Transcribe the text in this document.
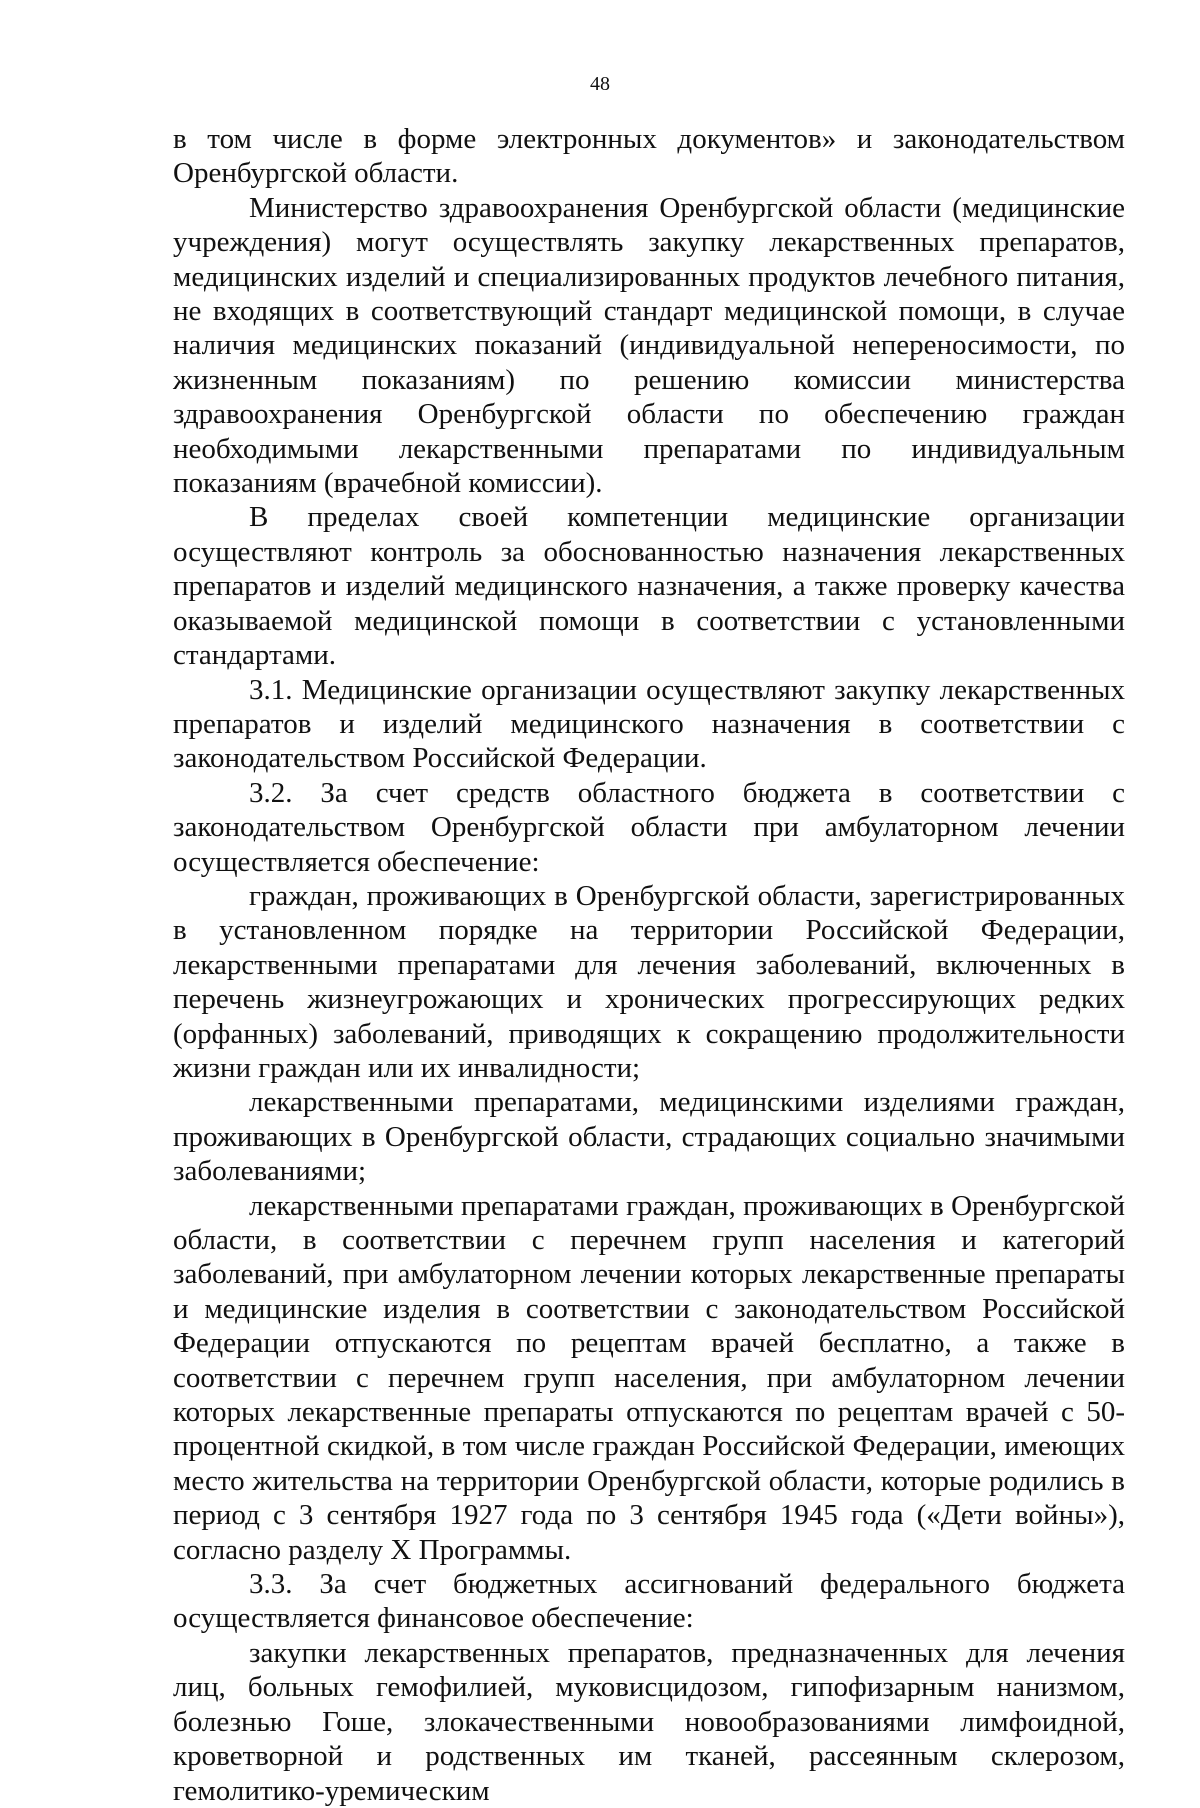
48

в том числе в форме электронных документов» и законодательством Оренбургской области.

Министерство здравоохранения Оренбургской области (медицинские учреждения) могут осуществлять закупку лекарственных препаратов, медицинских изделий и специализированных продуктов лечебного питания, не входящих в соответствующий стандарт медицинской помощи, в случае наличия медицинских показаний (индивидуальной непереносимости, по жизненным показаниям) по решению комиссии министерства здравоохранения Оренбургской области по обеспечению граждан необходимыми лекарственными препаратами по индивидуальным показаниям (врачебной комиссии).

В пределах своей компетенции медицинские организации осуществляют контроль за обоснованностью назначения лекарственных препаратов и изделий медицинского назначения, а также проверку качества оказываемой медицинской помощи в соответствии с установленными стандартами.

3.1. Медицинские организации осуществляют закупку лекарственных препаратов и изделий медицинского назначения в соответствии с законодательством Российской Федерации.

3.2. За счет средств областного бюджета в соответствии с законодательством Оренбургской области при амбулаторном лечении осуществляется обеспечение:

граждан, проживающих в Оренбургской области, зарегистрированных в установленном порядке на территории Российской Федерации, лекарственными препаратами для лечения заболеваний, включенных в перечень жизнеугрожающих и хронических прогрессирующих редких (орфанных) заболеваний, приводящих к сокращению продолжительности жизни граждан или их инвалидности;

лекарственными препаратами, медицинскими изделиями граждан, проживающих в Оренбургской области, страдающих социально значимыми заболеваниями;

лекарственными препаратами граждан, проживающих в Оренбургской области, в соответствии с перечнем групп населения и категорий заболеваний, при амбулаторном лечении которых лекарственные препараты и медицинские изделия в соответствии с законодательством Российской Федерации отпускаются по рецептам врачей бесплатно, а также в соответствии с перечнем групп населения, при амбулаторном лечении которых лекарственные препараты отпускаются по рецептам врачей с 50-процентной скидкой, в том числе граждан Российской Федерации, имеющих место жительства на территории Оренбургской области, которые родились в период с 3 сентября 1927 года по 3 сентября 1945 года («Дети войны»), согласно разделу X Программы.

3.3. За счет бюджетных ассигнований федерального бюджета осуществляется финансовое обеспечение:

закупки лекарственных препаратов, предназначенных для лечения лиц, больных гемофилией, муковисцидозом, гипофизарным нанизмом, болезнью Гоше, злокачественными новообразованиями лимфоидной, кроветворной и родственных им тканей, рассеянным склерозом, гемолитико-уремическим
